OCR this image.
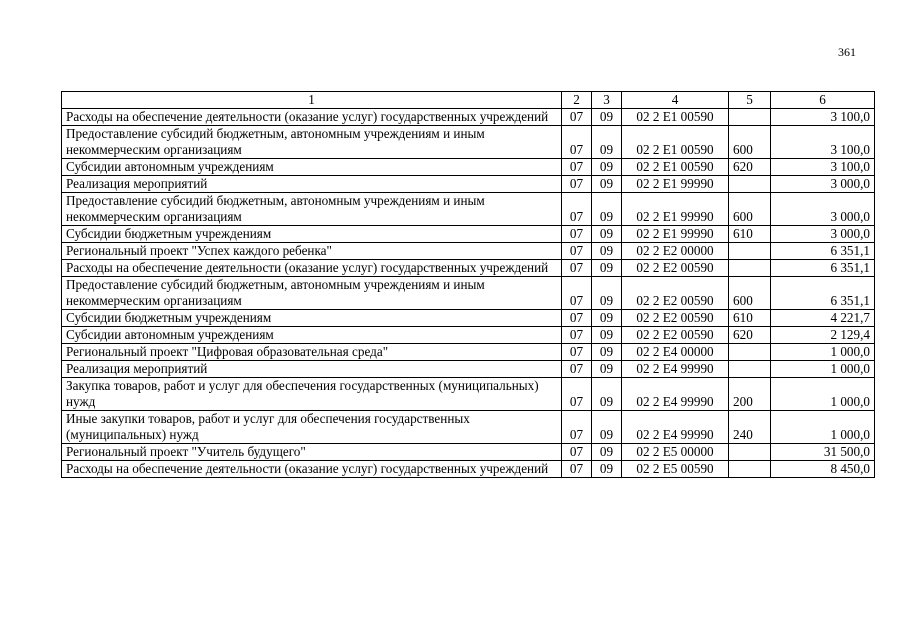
361
1	2	3	4	5	6
Расходы на обеспечение деятельности (оказание услуг) государственных учреждений	07	09	02 2 E1 00590		3 100,0
Предоставление субсидий бюджетным, автономным учреждениям и иным некоммерческим организациям	07	09	02 2 E1 00590	600	3 100,0
Субсидии автономным учреждениям	07	09	02 2 E1 00590	620	3 100,0
Реализация мероприятий	07	09	02 2 E1 99990		3 000,0
Предоставление субсидий бюджетным, автономным учреждениям и иным некоммерческим организациям	07	09	02 2 E1 99990	600	3 000,0
Субсидии бюджетным учреждениям	07	09	02 2 E1 99990	610	3 000,0
Региональный проект "Успех каждого ребенка"	07	09	02 2 E2 00000		6 351,1
Расходы на обеспечение деятельности (оказание услуг) государственных учреждений	07	09	02 2 E2 00590		6 351,1
Предоставление субсидий бюджетным, автономным учреждениям и иным некоммерческим организациям	07	09	02 2 E2 00590	600	6 351,1
Субсидии бюджетным учреждениям	07	09	02 2 E2 00590	610	4 221,7
Субсидии автономным учреждениям	07	09	02 2 E2 00590	620	2 129,4
Региональный проект "Цифровая образовательная среда"	07	09	02 2 E4 00000		1 000,0
Реализация мероприятий	07	09	02 2 E4 99990		1 000,0
Закупка товаров, работ и услуг для обеспечения государственных (муниципальных) нужд	07	09	02 2 E4 99990	200	1 000,0
Иные закупки товаров, работ и услуг для обеспечения государственных (муниципальных) нужд	07	09	02 2 E4 99990	240	1 000,0
Региональный проект "Учитель будущего"	07	09	02 2 E5 00000		31 500,0
Расходы на обеспечение деятельности (оказание услуг) государственных учреждений	07	09	02 2 E5 00590		8 450,0
